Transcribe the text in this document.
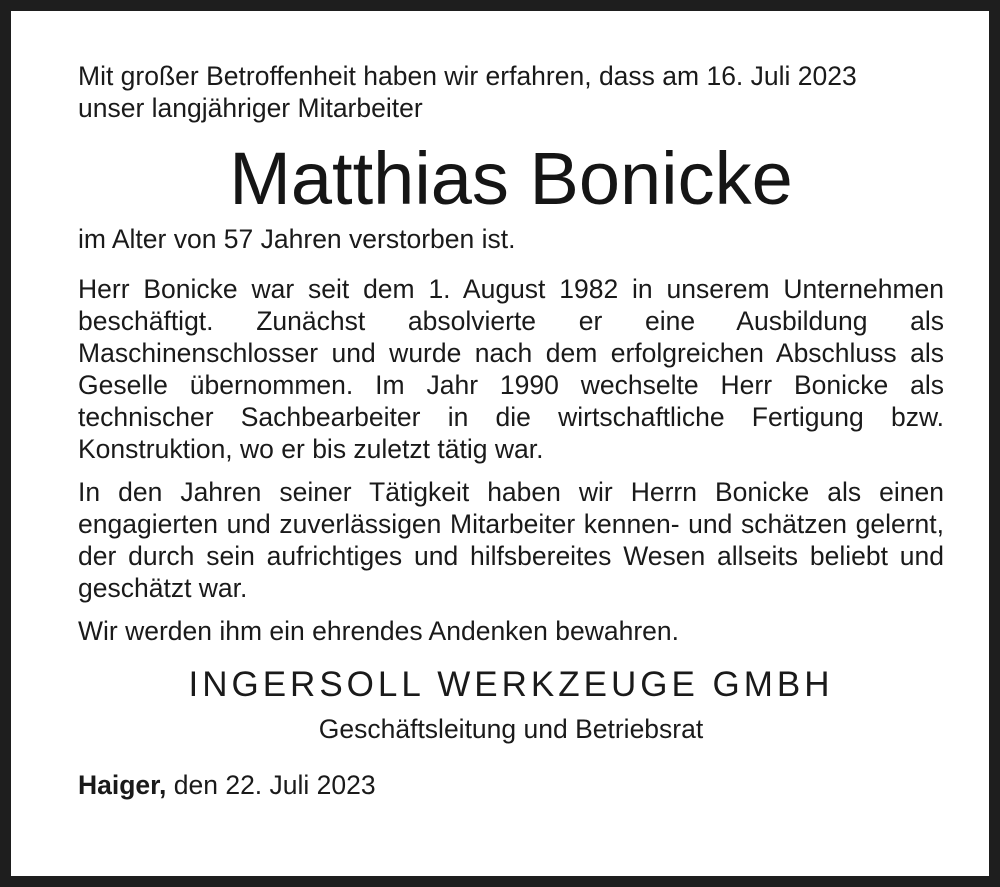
Mit großer Betroffenheit haben wir erfahren, dass am 16. Juli 2023

unser langjähriger Mitarbeiter

Matthias Bonicke

im Alter von 57 Jahren verstorben ist.

Herr Bonicke war seit dem 1. August 1982 in unserem Unternehmen beschäftigt. Zunächst absolvierte er eine Ausbildung als Maschinenschlosser und wurde nach dem erfolgreichen Abschluss als Geselle übernommen. Im Jahr 1990 wechselte Herr Bonicke als technischer Sachbearbeiter in die wirtschaftliche Fertigung bzw. Konstruktion, wo er bis zuletzt tätig war.

In den Jahren seiner Tätigkeit haben wir Herrn Bonicke als einen engagierten und zuverlässigen Mitarbeiter kennen- und schätzen gelernt, der durch sein aufrichtiges und hilfsbereites Wesen allseits beliebt und geschätzt war.

Wir werden ihm ein ehrendes Andenken bewahren.

INGERSOLL WERKZEUGE GMBH

Geschäftsleitung und Betriebsrat

Haiger, den 22. Juli 2023
